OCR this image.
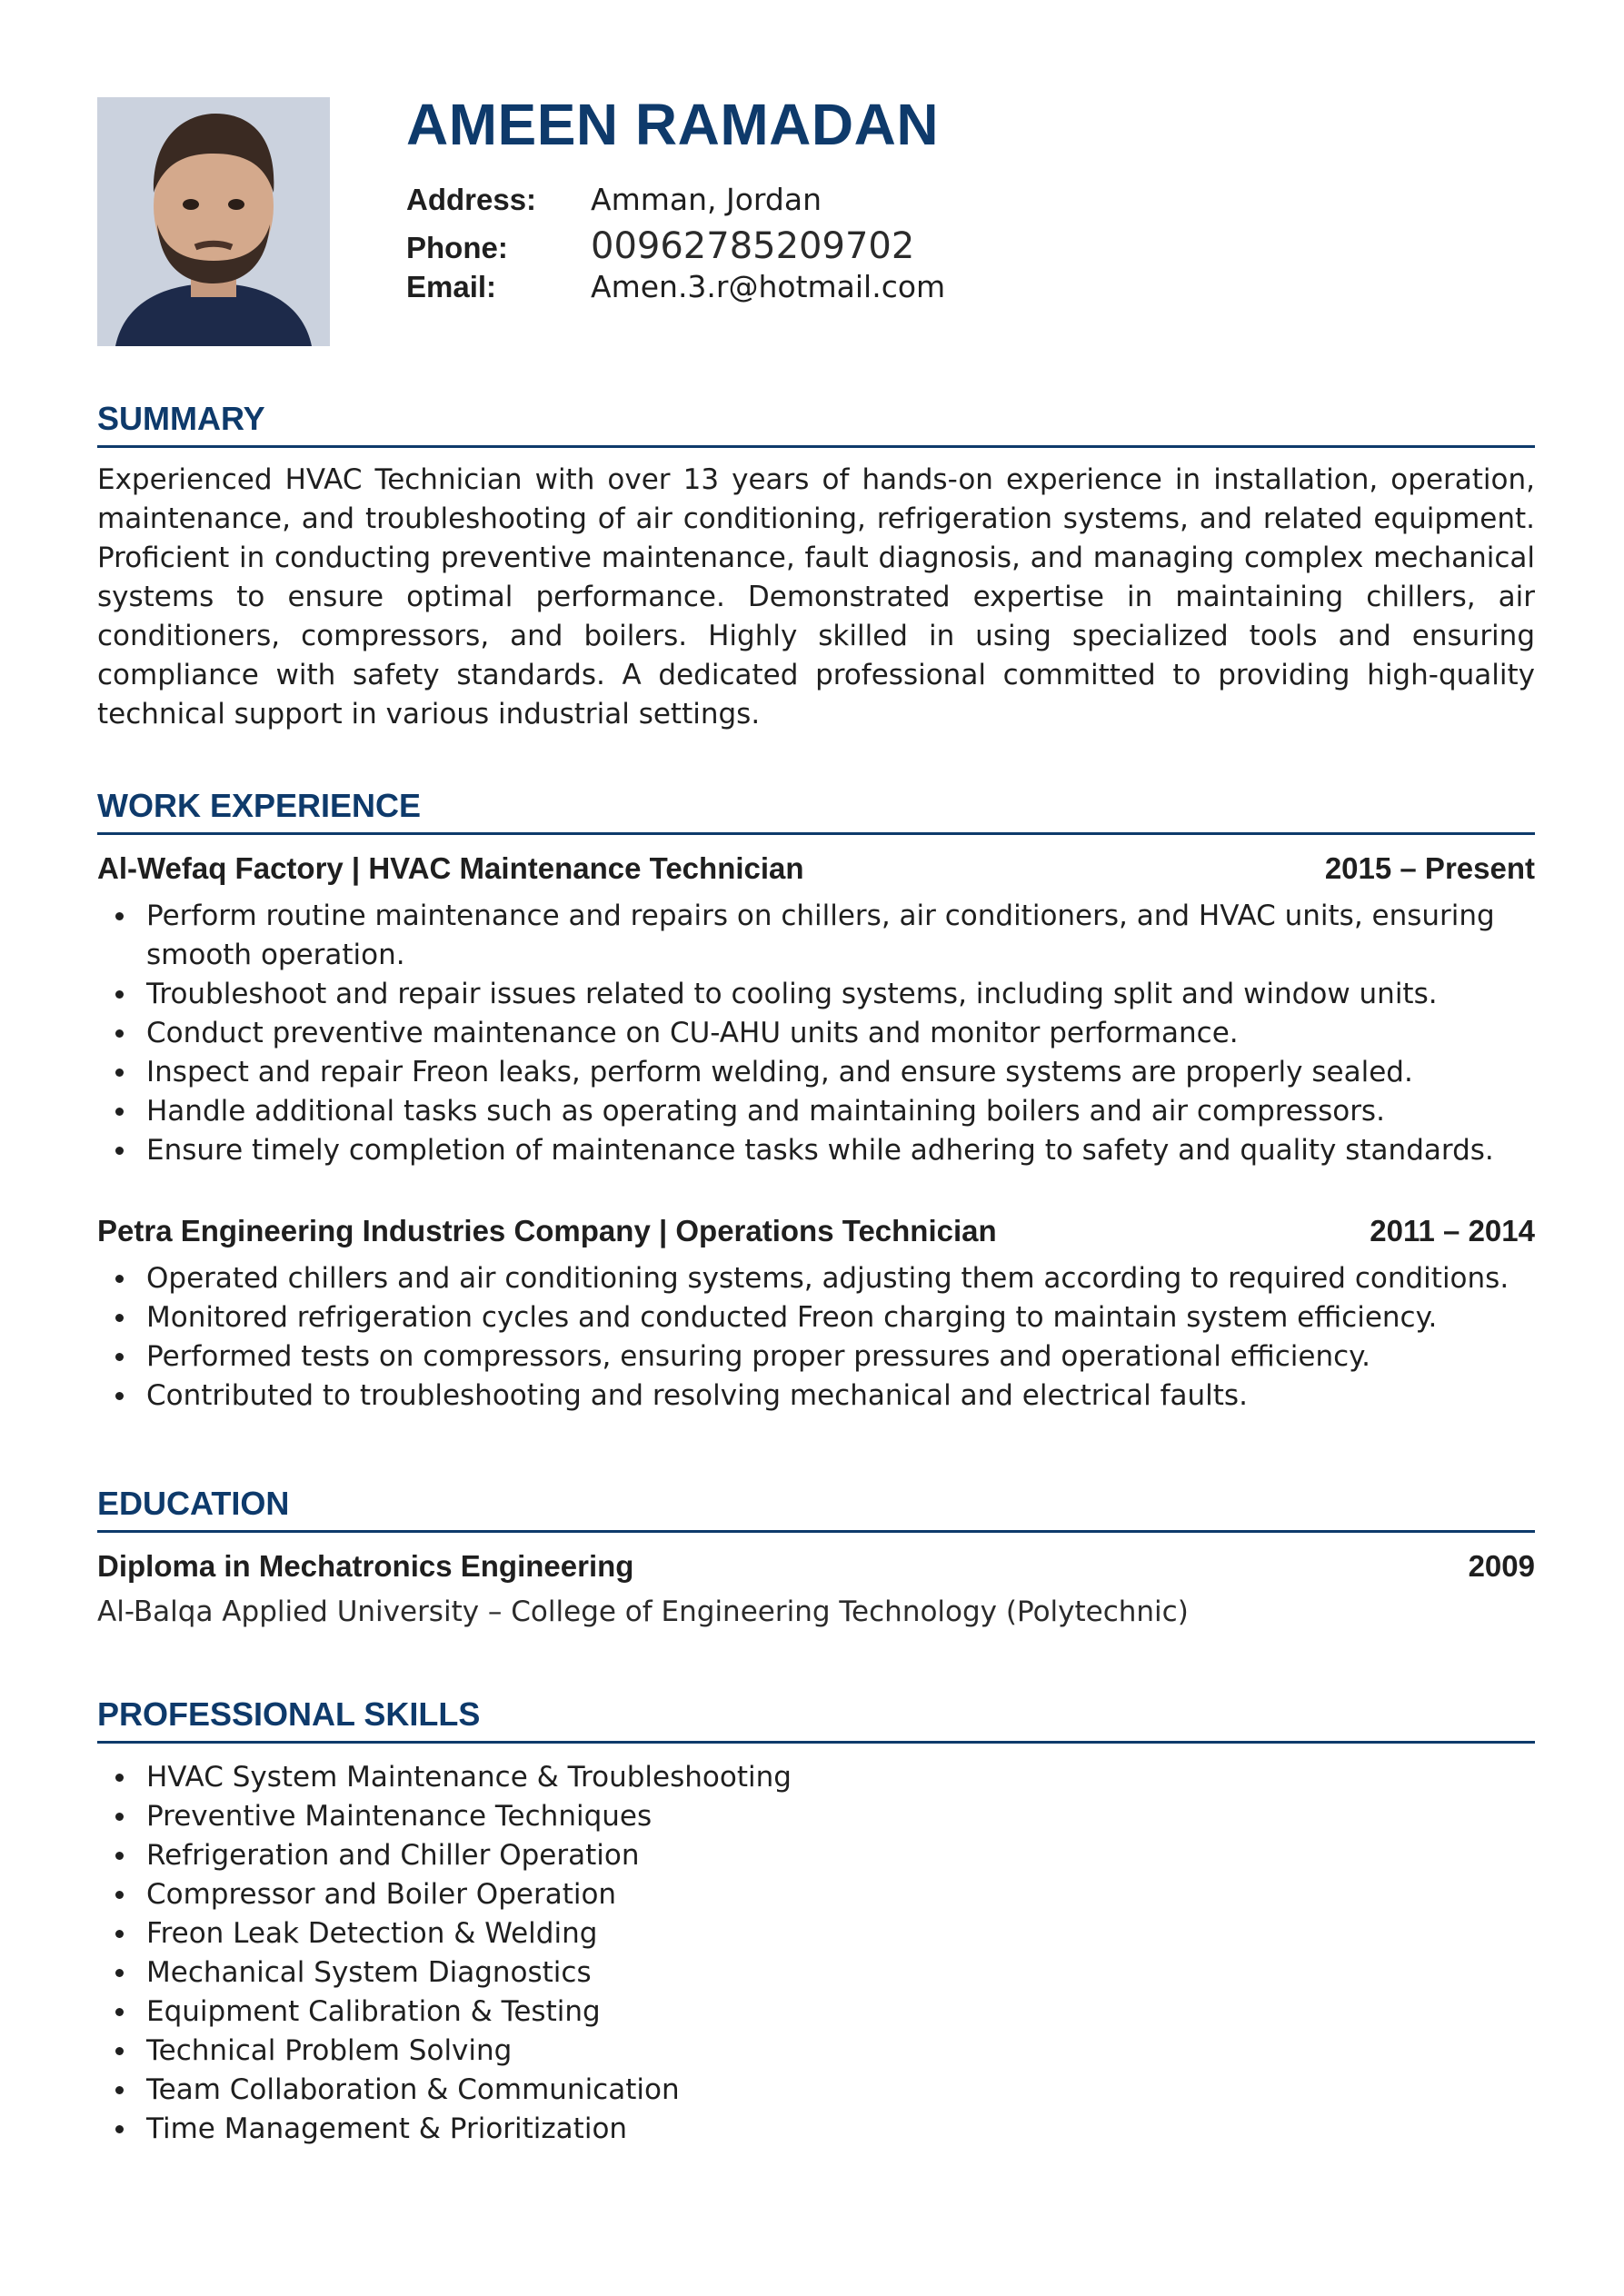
AMEEN RAMADAN
Address:	Amman, Jordan
Phone:	00962785209702
Email:	Amen.3.r@hotmail.com
SUMMARY

Experienced HVAC Technician with over 13 years of hands-on experience in installation, operation, maintenance, and troubleshooting of air conditioning, refrigeration systems, and related equipment. Proficient in conducting preventive maintenance, fault diagnosis, and managing complex mechanical systems to ensure optimal performance. Demonstrated expertise in maintaining chillers, air conditioners, compressors, and boilers. Highly skilled in using specialized tools and ensuring compliance with safety standards. A dedicated professional committed to providing high-quality technical support in various industrial settings.

WORK EXPERIENCE
Al-Wefaq Factory | HVAC Maintenance Technician	2015 – Present
Perform routine maintenance and repairs on chillers, air conditioners, and HVAC units, ensuring smooth operation.
Troubleshoot and repair issues related to cooling systems, including split and window units.
Conduct preventive maintenance on CU-AHU units and monitor performance.
Inspect and repair Freon leaks, perform welding, and ensure systems are properly sealed.
Handle additional tasks such as operating and maintaining boilers and air compressors.
Ensure timely completion of maintenance tasks while adhering to safety and quality standards.
Petra Engineering Industries Company | Operations Technician	2011 – 2014
Operated chillers and air conditioning systems, adjusting them according to required conditions.
Monitored refrigeration cycles and conducted Freon charging to maintain system efficiency.
Performed tests on compressors, ensuring proper pressures and operational efficiency.
Contributed to troubleshooting and resolving mechanical and electrical faults.
EDUCATION
Diploma in Mechatronics Engineering	2009
Al-Balqa Applied University – College of Engineering Technology (Polytechnic)
PROFESSIONAL SKILLS
HVAC System Maintenance & Troubleshooting
Preventive Maintenance Techniques
Refrigeration and Chiller Operation
Compressor and Boiler Operation
Freon Leak Detection & Welding
Mechanical System Diagnostics
Equipment Calibration & Testing
Technical Problem Solving
Team Collaboration & Communication
Time Management & Prioritization
